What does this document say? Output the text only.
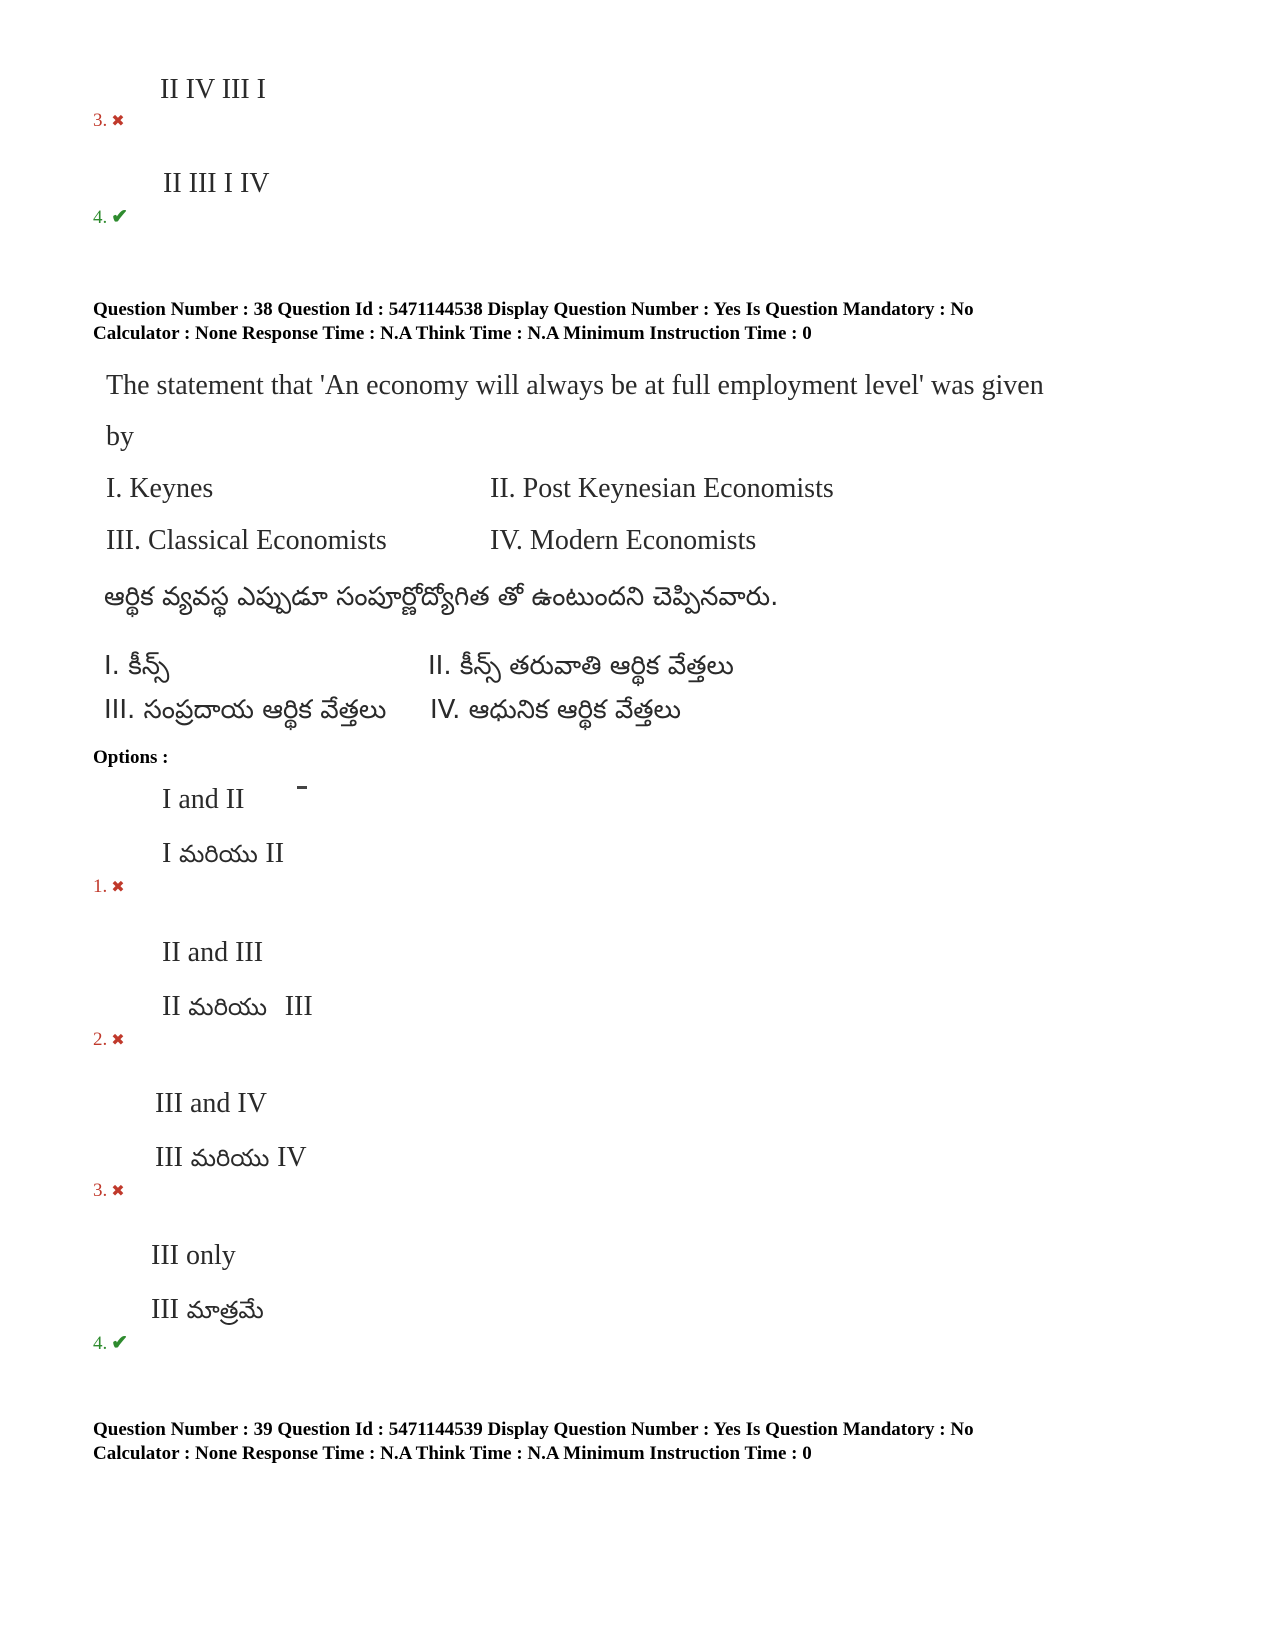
II IV III I
3. ✖
II III I IV
4. ✔
Question Number : 38 Question Id : 5471144538 Display Question Number : Yes Is Question Mandatory : No
Calculator : None Response Time : N.A Think Time : N.A Minimum Instruction Time : 0
The statement that 'An economy will always be at full employment level' was given
by
I. Keynes	II. Post Keynesian Economists
III. Classical Economists	IV. Modern Economists
ఆర్థిక వ్యవస్థ ఎప్పుడూ సంపూర్ణోద్యోగిత తో ఉంటుందని చెప్పినవారు.
I. కీన్స్	II. కీన్స్ తరువాతి ఆర్థిక వేత్తలు
III. సంప్రదాయ ఆర్థిక వేత్తలు IV. ఆధునిక ఆర్థిక వేత్తలు
Options :
I and II
I మరియు II
1. ✖
II and III
II మరియు III
2. ✖
III and IV
III మరియు IV
3. ✖
III only
III మాత్రమే
4. ✔
Question Number : 39 Question Id : 5471144539 Display Question Number : Yes Is Question Mandatory : No
Calculator : None Response Time : N.A Think Time : N.A Minimum Instruction Time : 0
